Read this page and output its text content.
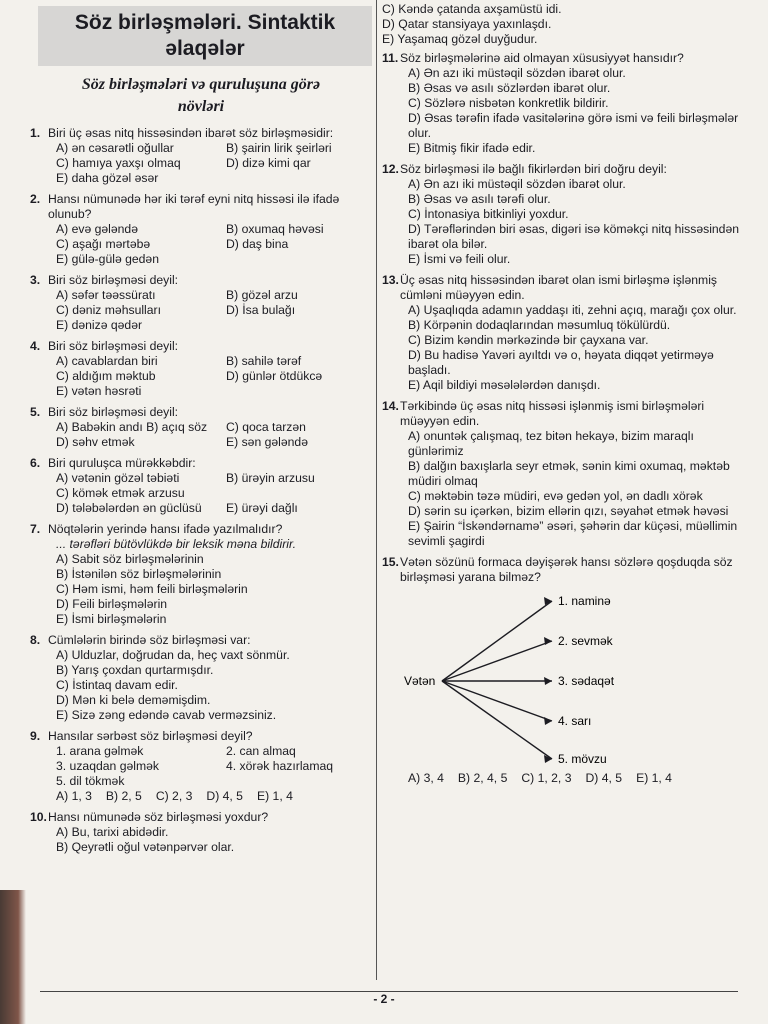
Söz birləşmələri. Sintaktik
əlaqələr
Söz birləşmələri və quruluşuna görə
növləri
1. Biri üç əsas nitq hissəsindən ibarət söz birləşməsidir:
A) ən cəsarətli oğullar	B) şairin lirik şeirləri
C) hamıya yaxşı olmaq	D) dizə kimi qar
E) daha gözəl əsər
2. Hansı nümunədə hər iki tərəf eyni nitq hissəsi ilə ifadə olunub?
A) evə gələndə	B) oxumaq həvəsi
C) aşağı mərtəbə	D) daş bina
E) gülə-gülə gedən
3. Biri söz birləşməsi deyil:
A) səfər təəssüratı	B) gözəl arzu
C) dəniz məhsulları	D) İsa bulağı
E) dənizə qədər
4. Biri söz birləşməsi deyil:
A) cavablardan biri	B) sahilə tərəf
C) aldığım məktub	D) günlər ötdükcə
E) vətən həsrəti
5. Biri söz birləşməsi deyil:
A) Babəkin andı B) açıq söz	C) qoca tarzən
D) səhv etmək	E) sən gələndə
6. Biri quruluşca mürəkkəbdir:
A) vətənin gözəl təbiəti	B) ürəyin arzusu
C) kömək etmək arzusu
D) tələbələrdən ən güclüsü	E) ürəyi dağlı
7. Nöqtələrin yerində hansı ifadə yazılmalıdır?
... tərəfləri bütövlükdə bir leksik məna bildirir.
A) Sabit söz birləşmələrinin
B) İstənilən söz birləşmələrinin
C) Həm ismi, həm feili birləşmələrin
D) Feili birləşmələrin
E) İsmi birləşmələrin
8. Cümlələrin birində söz birləşməsi var:
A) Ulduzlar, doğrudan da, heç vaxt sönmür.
B) Yarış çoxdan qurtarmışdır.
C) İstintaq davam edir.
D) Mən ki belə deməmişdim.
E) Sizə zəng edəndə cavab verməzsiniz.
9. Hansılar sərbəst söz birləşməsi deyil?
1. arana gəlmək	2. can almaq
3. uzaqdan gəlmək	4. xörək hazırlamaq
5. dil tökmək
A) 1, 3 B) 2, 5 C) 2, 3 D) 4, 5 E) 1, 4
10. Hansı nümunədə söz birləşməsi yoxdur?
A) Bu, tarixi abidədir.
B) Qeyrətli oğul vətənpərvər olar.
C) Kəndə çatanda axşamüstü idi.
D) Qatar stansiyaya yaxınlaşdı.
E) Yaşamaq gözəl duyğudur.
11. Söz birləşmələrinə aid olmayan xüsusiyyət hansıdır?
A) Ən azı iki müstəqil sözdən ibarət olur.
B) Əsas və asılı sözlərdən ibarət olur.
C) Sözlərə nisbətən konkretlik bildirir.
D) Əsas tərəfin ifadə vasitələrinə görə ismi və feili birləşmələr olur.
E) Bitmiş fikir ifadə edir.
12. Söz birləşməsi ilə bağlı fikirlərdən biri doğru deyil:
A) Ən azı iki müstəqil sözdən ibarət olur.
B) Əsas və asılı tərəfi olur.
C) İntonasiya bitkinliyi yoxdur.
D) Tərəflərindən biri əsas, digəri isə köməkçi nitq hissəsindən ibarət ola bilər.
E) İsmi və feili olur.
13. Üç əsas nitq hissəsindən ibarət olan ismi birləşmə işlənmiş cümləni müəyyən edin.
A) Uşaqlıqda adamın yaddaşı iti, zehni açıq, marağı çox olur.
B) Körpənin dodaqlarından məsumluq tökülürdü.
C) Bizim kəndin mərkəzində bir çayxana var.
D) Bu hadisə Yavəri ayıltdı və o, həyata diqqət yetirməyə başladı.
E) Aqil bildiyi məsələlərdən danışdı.
14. Tərkibində üç əsas nitq hissəsi işlənmiş ismi birləşmələri müəyyən edin.
A) onuntək çalışmaq, tez bitən hekayə, bizim maraqlı günlərimiz
B) dalğın baxışlarla seyr etmək, sənin kimi oxumaq, məktəb müdiri olmaq
C) məktəbin təzə müdiri, evə gedən yol, ən dadlı xörək
D) sərin su içərkən, bizim ellərin qızı, səyahət etmək həvəsi
E) Şairin “İskəndərnamə” əsəri, şəhərin dar küçəsi, müəllimin sevimli şagirdi
15. Vətən sözünü formaca dəyişərək hansı sözlərə qoşduqda söz birləşməsi yarana bilməz?
Vətən
1. naminə
2. sevmək
3. sədaqət
4. sarı
5. mövzu
A) 3, 4 B) 2, 4, 5 C) 1, 2, 3 D) 4, 5 E) 1, 4
- 2 -
